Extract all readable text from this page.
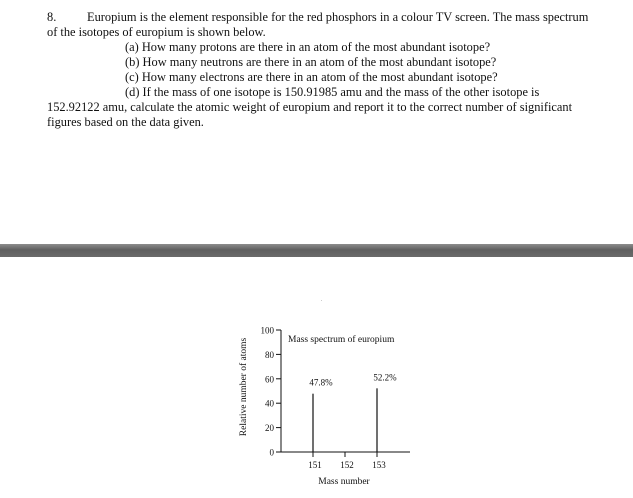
8. Europium is the element responsible for the red phosphors in a colour TV screen. The mass spectrum
of the isotopes of europium is shown below.
(a) How many protons are there in an atom of the most abundant isotope?
(b) How many neutrons are there in an atom of the most abundant isotope?
(c) How many electrons are there in an atom of the most abundant isotope?
(d) If the mass of one isotope is 150.91985 amu and the mass of the other isotope is
152.92122 amu, calculate the atomic weight of europium and report it to the correct number of significant
figures based on the data given.
0
20
40
60
80
100
151 152 153
47.8%
52.2%
Mass spectrum of europium
Mass number
Relative number of atoms
